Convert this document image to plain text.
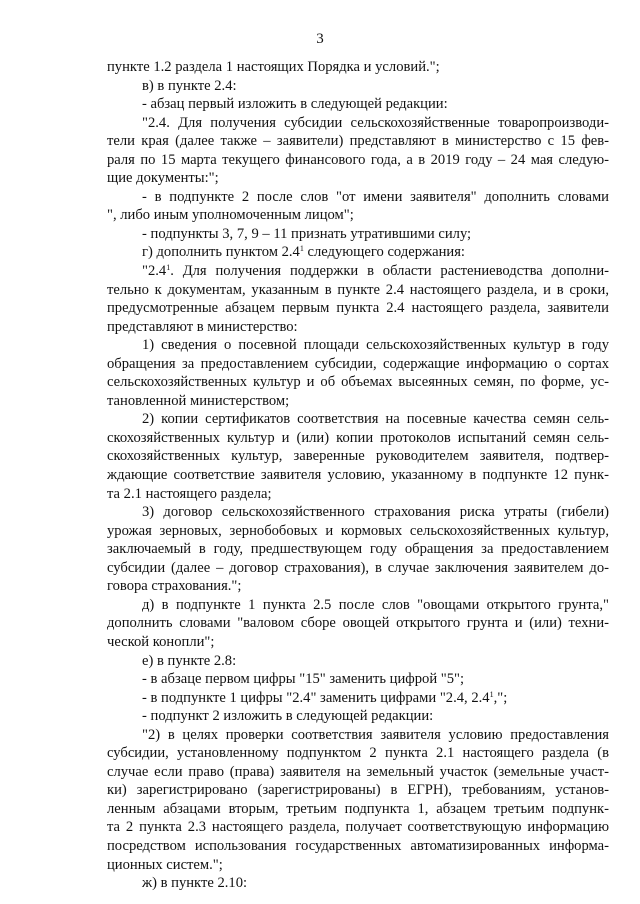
3
пункте 1.2 раздела 1 настоящих Порядка и условий.";
в) в пункте 2.4:
- абзац первый изложить в следующей редакции:
"2.4. Для получения субсидии сельскохозяйственные товаропроизводи-
тели края (далее также – заявители) представляют в министерство с 15 фев-
раля по 15 марта текущего финансового года, а в 2019 году – 24 мая следую-
щие документы:";
- в подпункте 2 после слов "от имени заявителя" дополнить словами
", либо иным уполномоченным лицом";
- подпункты 3, 7, 9 – 11 признать утратившими силу;
г) дополнить пунктом $2.4^1$ следующего содержания:
"$2.4^1$. Для получения поддержки в области растениеводства дополни-
тельно к документам, указанным в пункте 2.4 настоящего раздела, и в сроки,
предусмотренные абзацем первым пункта 2.4 настоящего раздела, заявители
представляют в министерство:
1) сведения о посевной площади сельскохозяйственных культур в году
обращения за предоставлением субсидии, содержащие информацию о сортах
сельскохозяйственных культур и об объемах высеянных семян, по форме, ус-
тановленной министерством;
2) копии сертификатов соответствия на посевные качества семян сель-
скохозяйственных культур и (или) копии протоколов испытаний семян сель-
скохозяйственных культур, заверенные руководителем заявителя, подтвер-
ждающие соответствие заявителя условию, указанному в подпункте 12 пунк-
та 2.1 настоящего раздела;
3) договор сельскохозяйственного страхования риска утраты (гибели)
урожая зерновых, зернобобовых и кормовых сельскохозяйственных культур,
заключаемый в году, предшествующем году обращения за предоставлением
субсидии (далее – договор страхования), в случае заключения заявителем до-
говора страхования.";
д) в подпункте 1 пункта 2.5 после слов "овощами открытого грунта,"
дополнить словами "валовом сборе овощей открытого грунта и (или) техни-
ческой конопли";
е) в пункте 2.8:
- в абзаце первом цифры "15" заменить цифрой "5";
- в подпункте 1 цифры "2.4" заменить цифрами "2.4, $2.4^1$,";
- подпункт 2 изложить в следующей редакции:
"2) в целях проверки соответствия заявителя условию предоставления
субсидии, установленному подпунктом 2 пункта 2.1 настоящего раздела (в
случае если право (права) заявителя на земельный участок (земельные участ-
ки) зарегистрировано (зарегистрированы) в ЕГРН), требованиям, установ-
ленным абзацами вторым, третьим подпункта 1, абзацем третьим подпунк-
та 2 пункта 2.3 настоящего раздела, получает соответствующую информацию
посредством использования государственных автоматизированных информа-
ционных систем.";
ж) в пункте 2.10:
